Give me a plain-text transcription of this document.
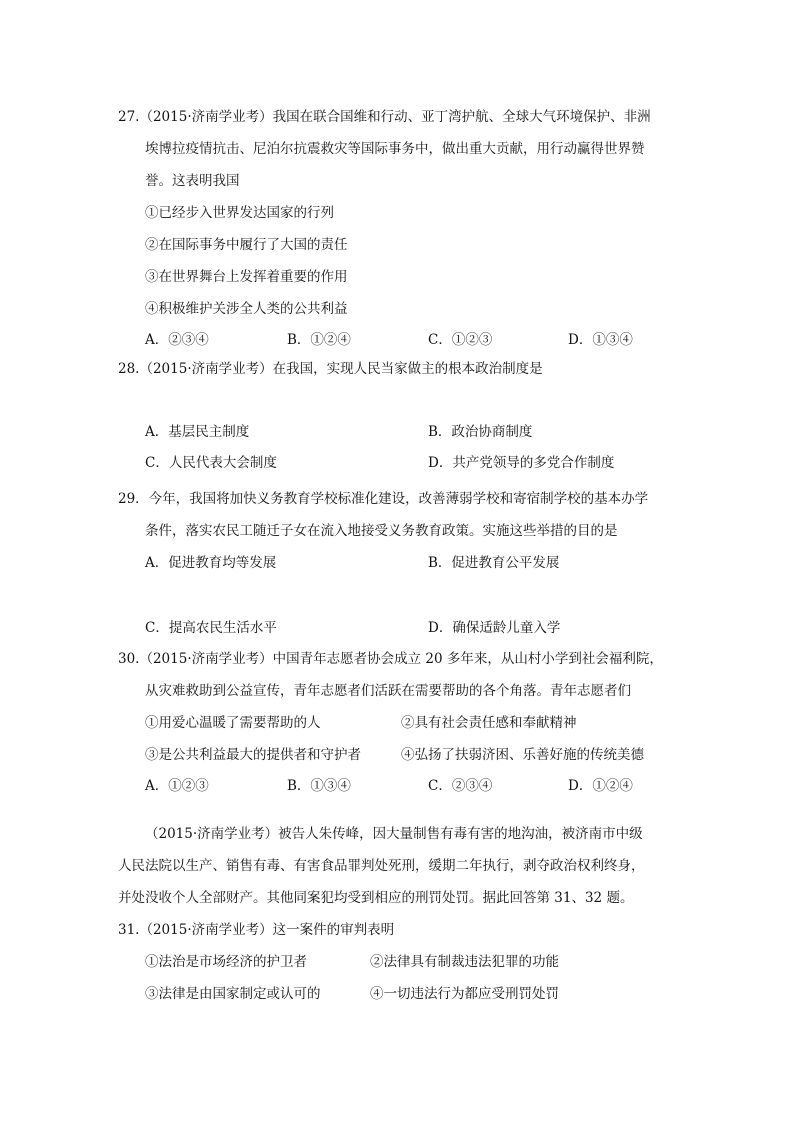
27.（2015·济南学业考）我国在联合国维和行动、亚丁湾护航、全球大气环境保护、非洲
埃博拉疫情抗击、尼泊尔抗震救灾等国际事务中，做出重大贡献，用行动赢得世界赞
誉。这表明我国
①已经步入世界发达国家的行列
②在国际事务中履行了大国的责任
③在世界舞台上发挥着重要的作用
④积极维护关涉全人类的公共利益
A．②③④	B．①②④	C．①②③	D．①③④
28.（2015·济南学业考）在我国，实现人民当家做主的根本政治制度是
A．基层民主制度	B．政治协商制度
C．人民代表大会制度	D．共产党领导的多党合作制度
29．今年，我国将加快义务教育学校标准化建设，改善薄弱学校和寄宿制学校的基本办学
条件，落实农民工随迁子女在流入地接受义务教育政策。实施这些举措的目的是
A．促进教育均等发展	B．促进教育公平发展
C．提高农民生活水平	D．确保适龄儿童入学
30.（2015·济南学业考）中国青年志愿者协会成立 20 多年来，从山村小学到社会福利院，
从灾难救助到公益宣传，青年志愿者们活跃在需要帮助的各个角落。青年志愿者们
①用爱心温暖了需要帮助的人	②具有社会责任感和奉献精神
③是公共利益最大的提供者和守护者	④弘扬了扶弱济困、乐善好施的传统美德
A．①②③	B．①③④	C．②③④	D．①②④
（2015·济南学业考）被告人朱传峰，因大量制售有毒有害的地沟油，被济南市中级
人民法院以生产、销售有毒、有害食品罪判处死刑，缓期二年执行，剥夺政治权利终身，
并处没收个人全部财产。其他同案犯均受到相应的刑罚处罚。据此回答第 31、32 题。
31.（2015·济南学业考）这一案件的审判表明
①法治是市场经济的护卫者	②法律具有制裁违法犯罪的功能
③法律是由国家制定或认可的	④一切违法行为都应受刑罚处罚
